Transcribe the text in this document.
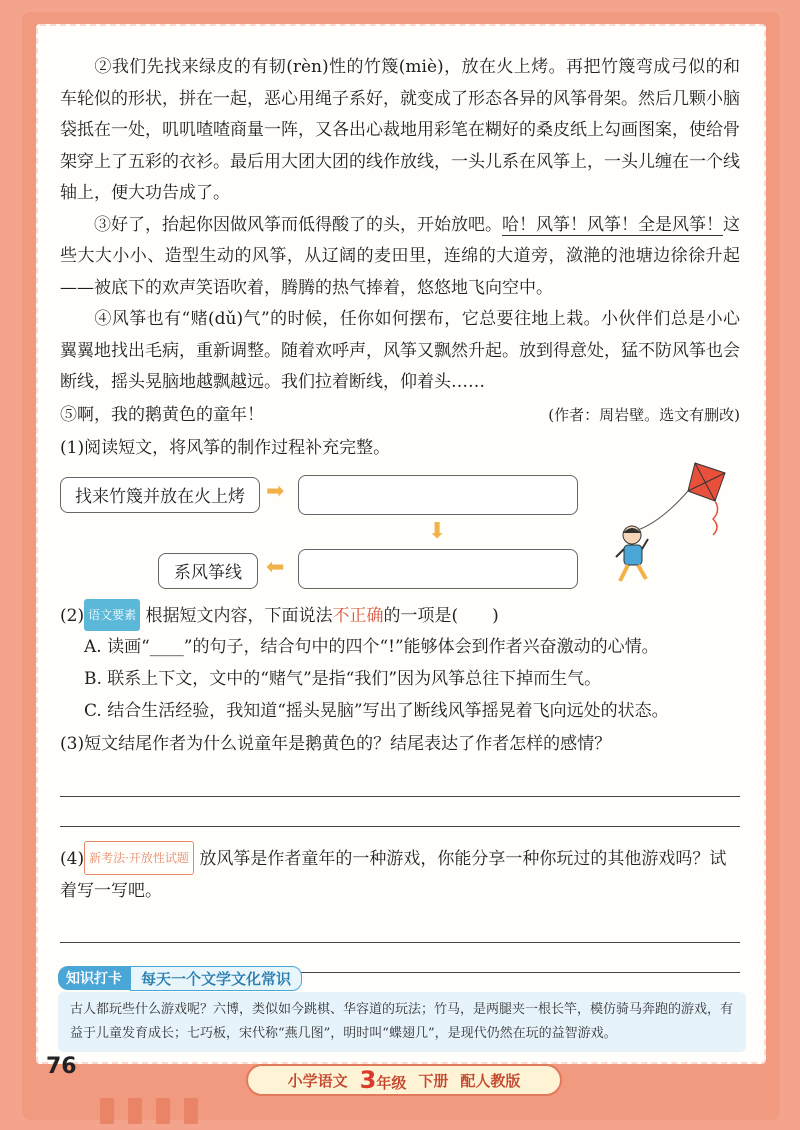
②我们先找来绿皮的有韧(rèn)性的竹篾(miè)，放在火上烤。再把竹篾弯成弓似的和车轮似的形状，拼在一起，恶心用绳子系好，就变成了形态各异的风筝骨架。然后几颗小脑袋抵在一处，叽叽喳喳商量一阵，又各出心裁地用彩笔在糊好的桑皮纸上勾画图案，使给骨架穿上了五彩的衣衫。最后用大团大团的线作放线，一头儿系在风筝上，一头儿缠在一个线轴上，便大功告成了。

③好了，抬起你因做风筝而低得酸了的头，开始放吧。哈！风筝！风筝！全是风筝！这些大大小小、造型生动的风筝，从辽阔的麦田里，连绵的大道旁，潋滟的池塘边徐徐升起——被底下的欢声笑语吹着，腾腾的热气捧着，悠悠地飞向空中。

④风筝也有“赌(dǔ)气”的时候，任你如何摆布，它总要往地上栽。小伙伴们总是小心翼翼地找出毛病，重新调整。随着欢呼声，风筝又飘然升起。放到得意处，猛不防风筝也会断线，摇头晃脑地越飘越远。我们拉着断线，仰着头……

⑤啊，我的鹅黄色的童年！	(作者：周岩壁。选文有删改)

(1)阅读短文，将风筝的制作过程补充完整。

找来竹篾并放在火上烤 ➡
⬇
系风筝线	⬅

(2) 语文要素 根据短文内容，下面说法不正确的一项是(　　)

A. 读画“____”的句子，结合句中的四个“!”能够体会到作者兴奋激动的心情。

B. 联系上下文，文中的“赌气”是指“我们”因为风筝总往下掉而生气。

C. 结合生活经验，我知道“摇头晃脑”写出了断线风筝摇晃着飞向远处的状态。

(3)短文结尾作者为什么说童年是鹅黄色的？结尾表达了作者怎样的感情？

(4) 新考法·开放性试题 放风筝是作者童年的一种游戏，你能分享一种你玩过的其他游戏吗？试着写一写吧。

知识打卡	每天一个文学文化常识
古人都玩些什么游戏呢？六博，类似如今跳棋、华容道的玩法；竹马，是两腿夹一根长竿，模仿骑马奔跑的游戏，有益于儿童发育成长；七巧板，宋代称“燕几图”，明时叫“蝶翅几”，是现代仍然在玩的益智游戏。
76
小学语文 3年级 下册 配人教版
